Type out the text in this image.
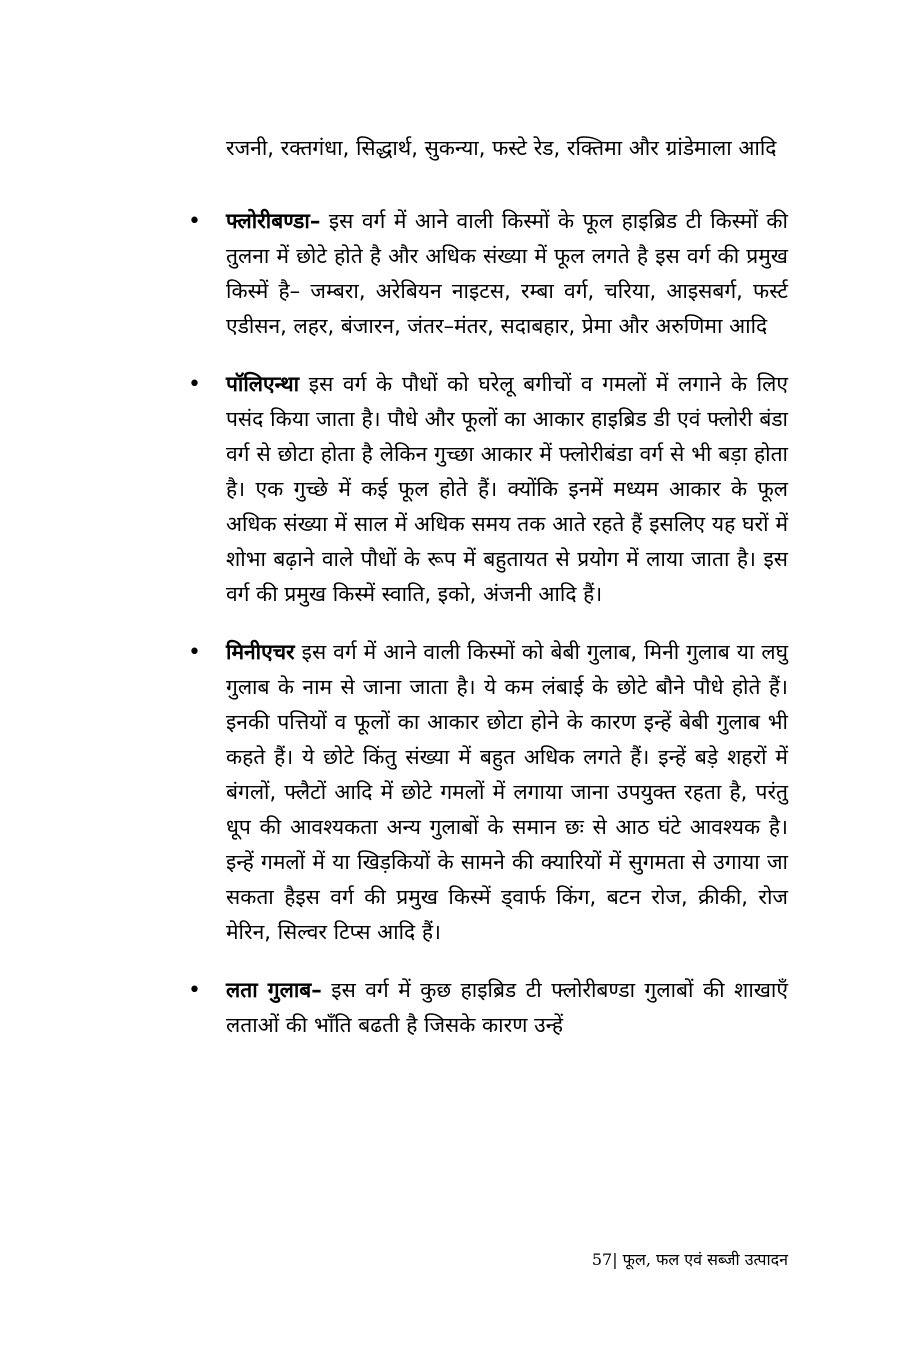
रजनी, रक्तगंधा, सिद्धार्थ, सुकन्या, फस्टे रेड, रक्तिमा और ग्रांडेमाला आदि

• फ्लोरीबण्डा– इस वर्ग में आने वाली किस्मों के फूल हाइब्रिड टी किस्मों की तुलना में छोटे होते है और अधिक संख्या में फूल लगते है इस वर्ग की प्रमुख किस्में है– जम्बरा, अरेबियन नाइटस, रम्बा वर्ग, चरिया, आइसबर्ग, फर्स्ट एडीसन, लहर, बंजारन, जंतर–मंतर, सदाबहार, प्रेमा और अरुणिमा आदि
• पॉलिएन्था इस वर्ग के पौधों को घरेलू बगीचों व गमलों में लगाने के लिए पसंद किया जाता है। पौधे और फूलों का आकार हाइब्रिड डी एवं फ्लोरी बंडा वर्ग से छोटा होता है लेकिन गुच्छा आकार में फ्लोरीबंडा वर्ग से भी बड़ा होता है। एक गुच्छे में कई फूल होते हैं। क्योंकि इनमें मध्यम आकार के फूल अधिक संख्या में साल में अधिक समय तक आते रहते हैं इसलिए यह घरों में शोभा बढ़ाने वाले पौधों के रूप में बहुतायत से प्रयोग में लाया जाता है। इस वर्ग की प्रमुख किस्में स्वाति, इको, अंजनी आदि हैं।
• मिनीएचर इस वर्ग में आने वाली किस्मों को बेबी गुलाब, मिनी गुलाब या लघु गुलाब के नाम से जाना जाता है। ये कम लंबाई के छोटे बौने पौधे होते हैं। इनकी पत्तियों व फूलों का आकार छोटा होने के कारण इन्हें बेबी गुलाब भी कहते हैं। ये छोटे किंतु संख्या में बहुत अधिक लगते हैं। इन्हें बड़े शहरों में बंगलों, फ्लैटों आदि में छोटे गमलों में लगाया जाना उपयुक्त रहता है, परंतु धूप की आवश्यकता अन्य गुलाबों के समान छः से आठ घंटे आवश्यक है। इन्हें गमलों में या खिड़कियों के सामने की क्यारियों में सुगमता से उगाया जा सकता हैइस वर्ग की प्रमुख किस्में ड्वार्फ किंग, बटन रोज, क्रीकी, रोज मेरिन, सिल्वर टिप्स आदि हैं।
• लता गुलाब– इस वर्ग में कुछ हाइब्रिड टी फ्लोरीबण्डा गुलाबों की शाखाएँ लताओं की भाँति बढती है जिसके कारण उन्हें
57| फूल, फल एवं सब्जी उत्पादन
